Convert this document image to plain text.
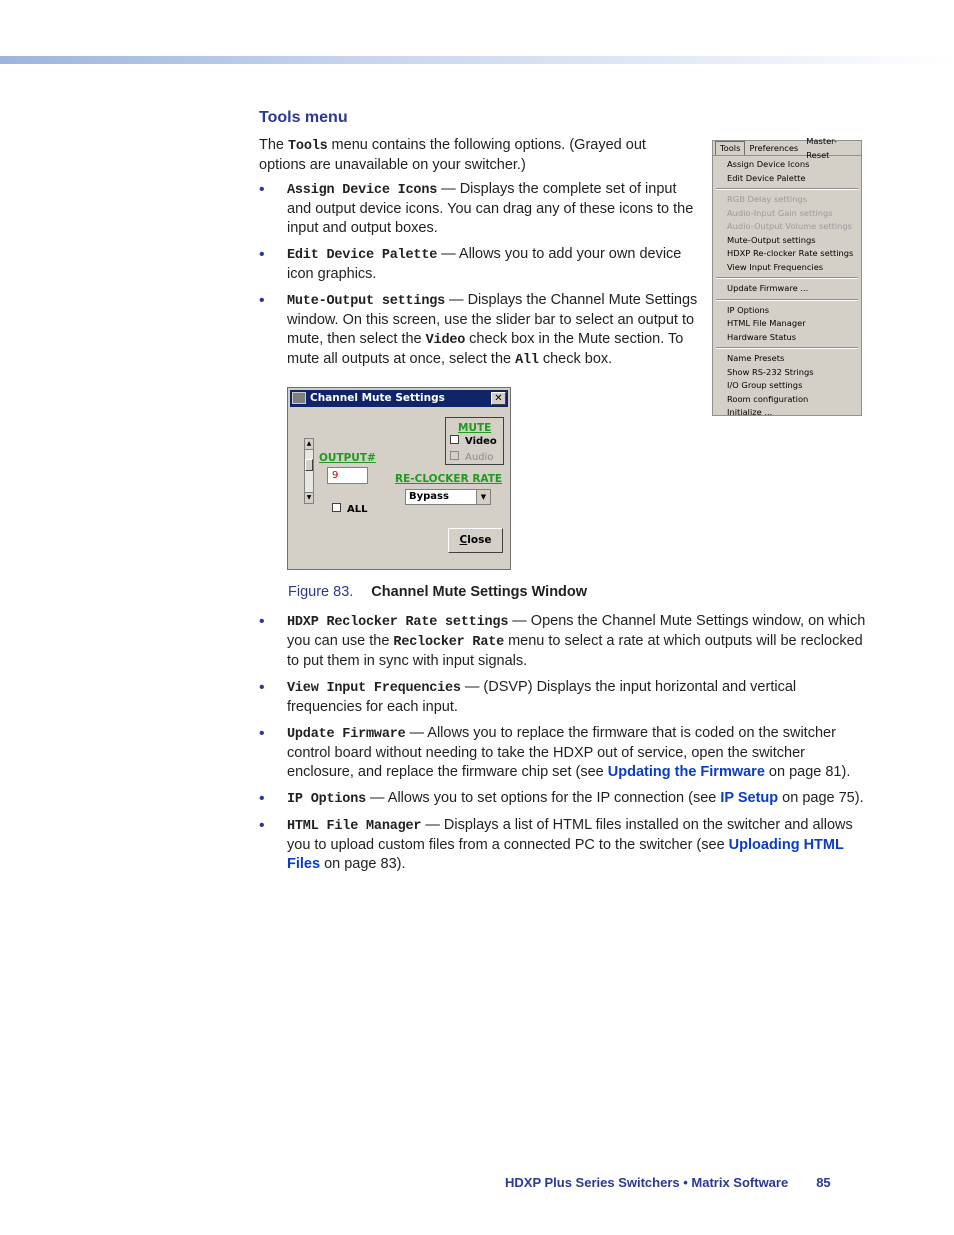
Tools menu

The Tools menu contains the following options. (Grayed out options are unavailable on your switcher.)

• Assign Device Icons — Displays the complete set of input and output device icons. You can drag any of these icons to the input and output boxes.
• Edit Device Palette — Allows you to add your own device icon graphics.
• Mute-Output settings — Displays the Channel Mute Settings window. On this screen, use the slider bar to select an output to mute, then select the Video check box in the Mute section. To mute all outputs at once, select the All check box.
Tools	Preferences
Master-Reset
Assign Device Icons
Edit Device Palette
RGB Delay settings
Audio-Input Gain settings
Audio-Output Volume settings
Mute-Output settings
HDXP Re-clocker Rate settings
View Input Frequencies
Update Firmware ...
IP Options
HTML File Manager
Hardware Status
Name Presets
Show RS-232 Strings
I/O Group settings
Room configuration
Initialize ...
Channel Mute Settings	✕
▲
▼
OUTPUT#
9
ALL
MUTE
Video
Audio
RE-CLOCKER RATE
Bypass	▼
Close
Figure 83. Channel Mute Settings Window
• HDXP Reclocker Rate settings — Opens the Channel Mute Settings window, on which you can use the Reclocker Rate menu to select a rate at which outputs will be reclocked to put them in sync with input signals.
• View Input Frequencies — (DSVP) Displays the input horizontal and vertical frequencies for each input.
• Update Firmware — Allows you to replace the firmware that is coded on the switcher control board without needing to take the HDXP out of service, open the switcher enclosure, and replace the firmware chip set (see Updating the Firmware on page 81).
• IP Options — Allows you to set options for the IP connection (see IP Setup on page 75).
• HTML File Manager — Displays a list of HTML files installed on the switcher and allows you to upload custom files from a connected PC to the switcher (see Uploading HTML Files on page 83).
HDXP Plus Series Switchers • Matrix Software 85
